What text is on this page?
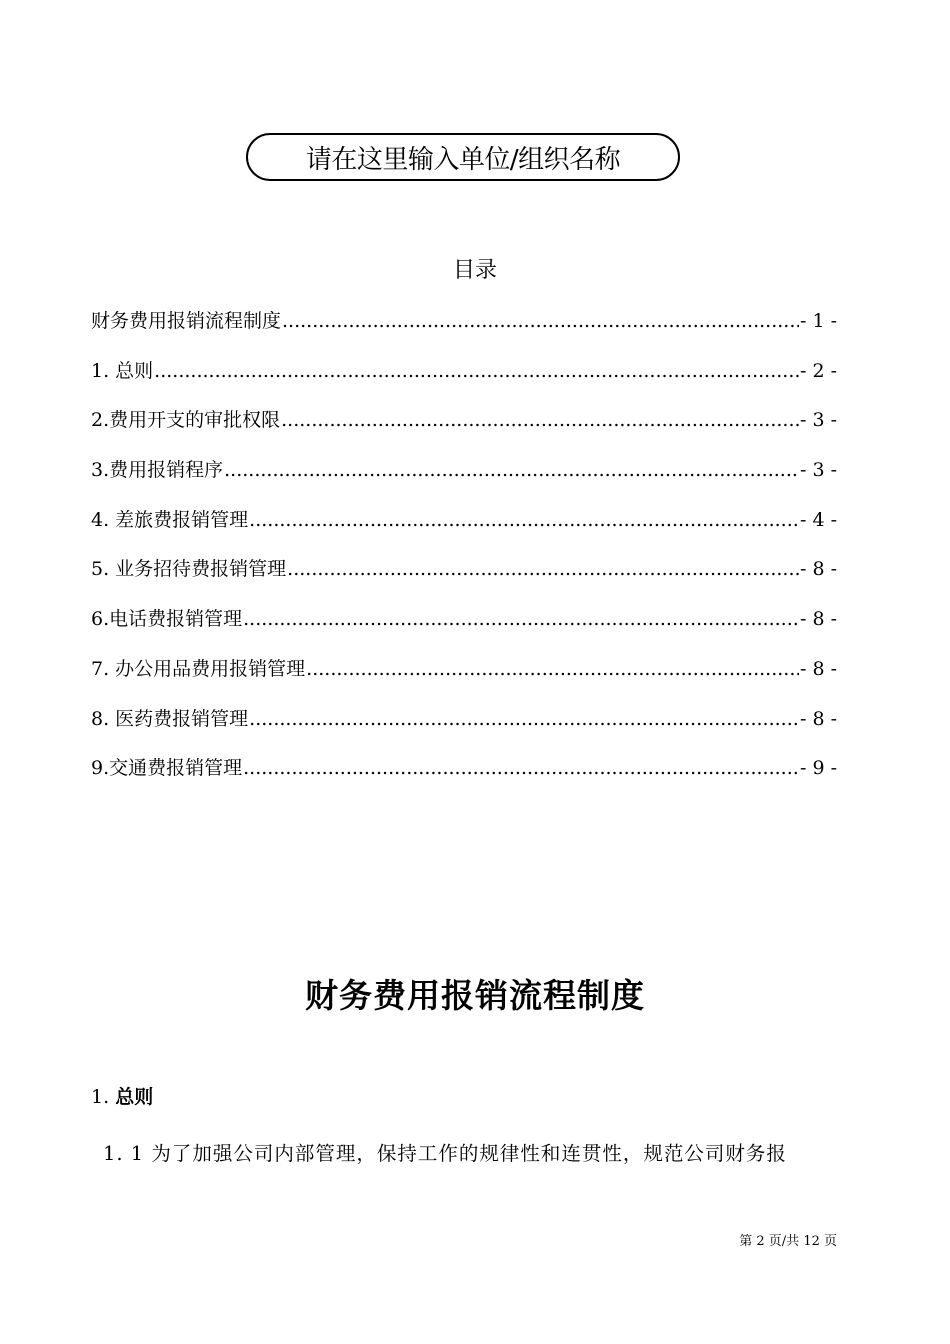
请在这里输入单位/组织名称
目录
财务费用报销流程制度 .....	- 1 -
1. 总则 .....	- 2 -
2.费用开支的审批权限 .....	- 3 -
3.费用报销程序 .....	- 3 -
4. 差旅费报销管理 .....	- 4 -
5. 业务招待费报销管理 .....	- 8 -
6.电话费报销管理 .....	- 8 -
7. 办公用品费用报销管理 .....	- 8 -
8. 医药费报销管理 .....	- 8 -
9.交通费报销管理 .....	- 9 -
财务费用报销流程制度
1. 总则
1. 1 为了加强公司内部管理，保持工作的规律性和连贯性，规范公司财务报
第 2 页/共 12 页
